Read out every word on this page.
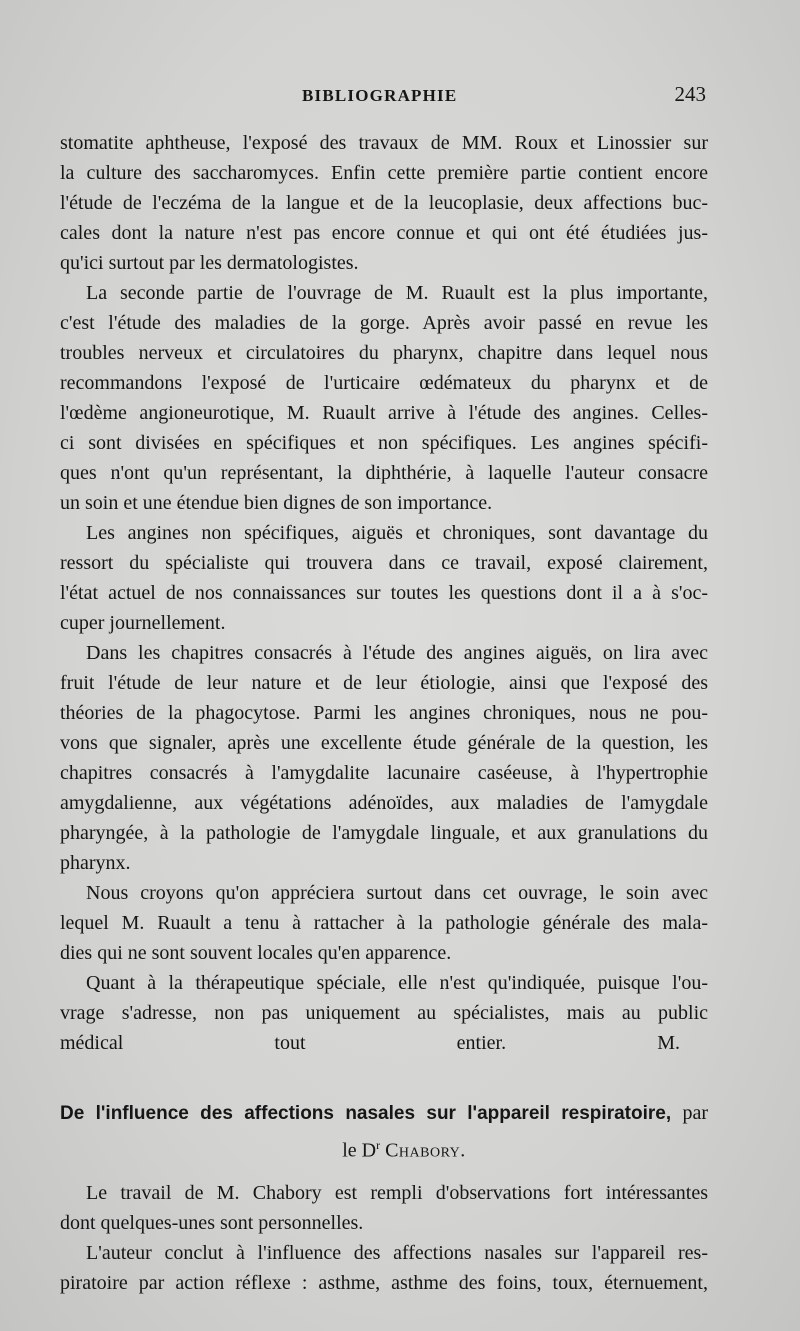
BIBLIOGRAPHIE	243
stomatite aphtheuse, l'exposé des travaux de MM. Roux et Linossier sur
la culture des saccharomyces. Enfin cette première partie contient encore
l'étude de l'eczéma de la langue et de la leucoplasie, deux affections buc-
cales dont la nature n'est pas encore connue et qui ont été étudiées jus-
qu'ici surtout par les dermatologistes.
La seconde partie de l'ouvrage de M. Ruault est la plus importante,
c'est l'étude des maladies de la gorge. Après avoir passé en revue les
troubles nerveux et circulatoires du pharynx, chapitre dans lequel nous
recommandons l'exposé de l'urticaire œdémateux du pharynx et de
l'œdème angioneurotique, M. Ruault arrive à l'étude des angines. Celles-
ci sont divisées en spécifiques et non spécifiques. Les angines spécifi-
ques n'ont qu'un représentant, la diphthérie, à laquelle l'auteur consacre
un soin et une étendue bien dignes de son importance.
Les angines non spécifiques, aiguës et chroniques, sont davantage du
ressort du spécialiste qui trouvera dans ce travail, exposé clairement,
l'état actuel de nos connaissances sur toutes les questions dont il a à s'oc-
cuper journellement.
Dans les chapitres consacrés à l'étude des angines aiguës, on lira avec
fruit l'étude de leur nature et de leur étiologie, ainsi que l'exposé des
théories de la phagocytose. Parmi les angines chroniques, nous ne pou-
vons que signaler, après une excellente étude générale de la question, les
chapitres consacrés à l'amygdalite lacunaire caséeuse, à l'hypertrophie
amygdalienne, aux végétations adénoïdes, aux maladies de l'amygdale
pharyngée, à la pathologie de l'amygdale linguale, et aux granulations du
pharynx.
Nous croyons qu'on appréciera surtout dans cet ouvrage, le soin avec
lequel M. Ruault a tenu à rattacher à la pathologie générale des mala-
dies qui ne sont souvent locales qu'en apparence.
Quant à la thérapeutique spéciale, elle n'est qu'indiquée, puisque l'ou-
vrage s'adresse, non pas uniquement au spécialistes, mais au public
médical tout entier.	M.
De l'influence des affections nasales sur l'appareil respiratoire, par
le $D^r$ Chabory.
Le travail de M. Chabory est rempli d'observations fort intéressantes
dont quelques-unes sont personnelles.
L'auteur conclut à l'influence des affections nasales sur l'appareil res-
piratoire par action réflexe : asthme, asthme des foins, toux, éternuement,
